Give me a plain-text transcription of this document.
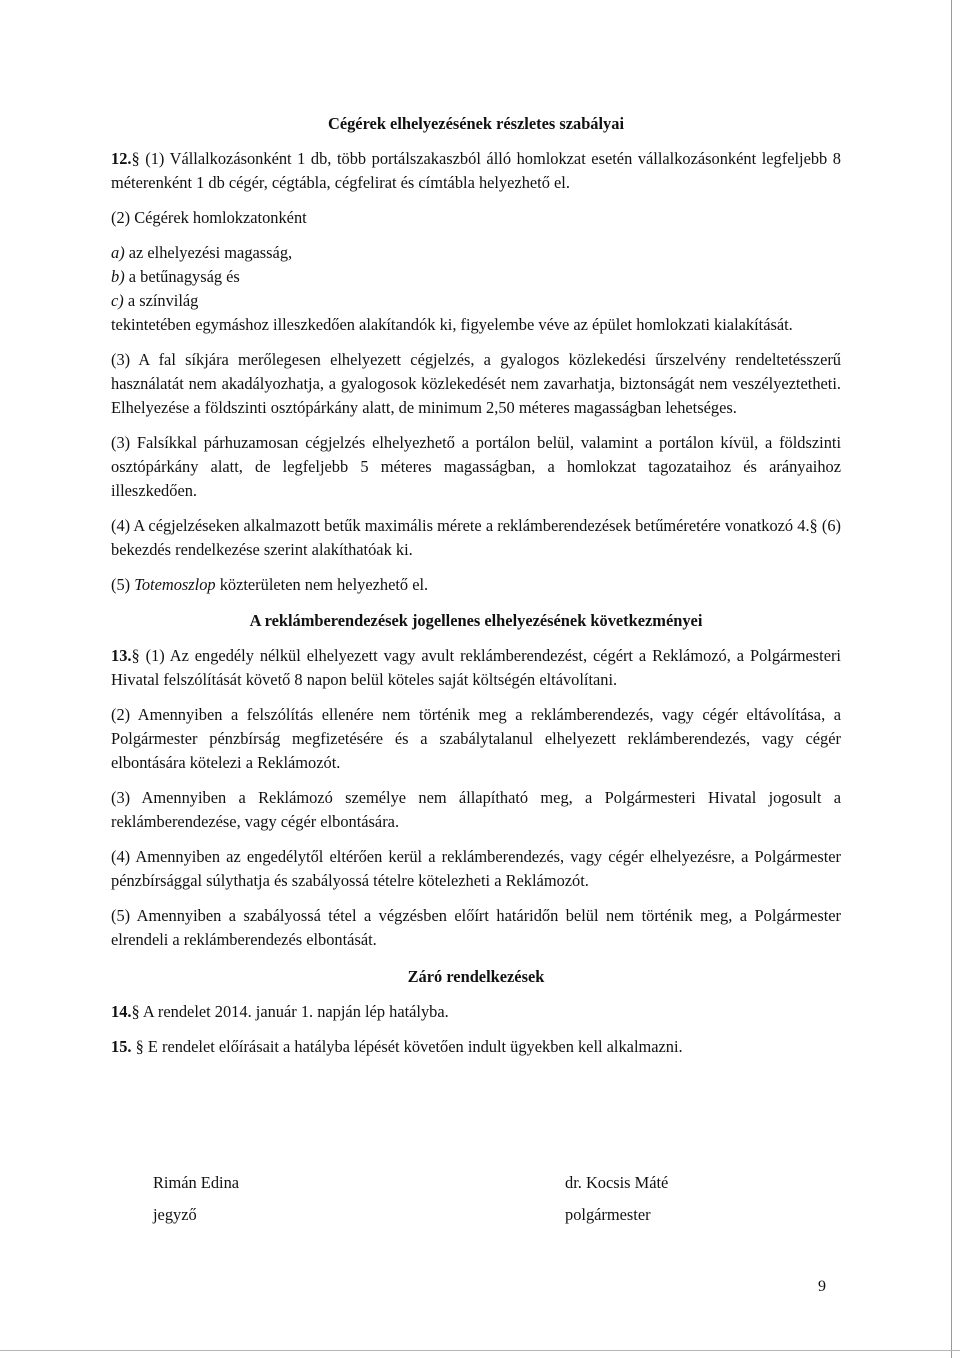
Cégérek elhelyezésének részletes szabályai

12.§ (1) Vállalkozásonként 1 db, több portálszakaszból álló homlokzat esetén vállalkozásonként legfeljebb 8 méterenként 1 db cégér, cégtábla, cégfelirat és címtábla helyezhető el.

(2) Cégérek homlokzatonként
a) az elhelyezési magasság,
b) a betűnagyság és
c) a színvilág

tekintetében egymáshoz illeszkedően alakítandók ki, figyelembe véve az épület homlokzati kialakítását.

(3) A fal síkjára merőlegesen elhelyezett cégjelzés, a gyalogos közlekedési űrszelvény rendeltetésszerű használatát nem akadályozhatja, a gyalogosok közlekedését nem zavarhatja, biztonságát nem veszélyeztetheti. Elhelyezése a földszinti osztópárkány alatt, de minimum 2,50 méteres magasságban lehetséges.

(3) Falsíkkal párhuzamosan cégjelzés elhelyezhető a portálon belül, valamint a portálon kívül, a földszinti osztópárkány alatt, de legfeljebb 5 méteres magasságban, a homlokzat tagozataihoz és arányaihoz illeszkedően.

(4) A cégjelzéseken alkalmazott betűk maximális mérete a reklámberendezések betűméretére vonatkozó 4.§ (6) bekezdés rendelkezése szerint alakíthatóak ki.

(5) Totemoszlop közterületen nem helyezhető el.

A reklámberendezések jogellenes elhelyezésének következményei

13.§ (1) Az engedély nélkül elhelyezett vagy avult reklámberendezést, cégért a Reklámozó, a Polgármesteri Hivatal felszólítását követő 8 napon belül köteles saját költségén eltávolítani.

(2) Amennyiben a felszólítás ellenére nem történik meg a reklámberendezés, vagy cégér eltávolítása, a Polgármester pénzbírság megfizetésére és a szabálytalanul elhelyezett reklámberendezés, vagy cégér elbontására kötelezi a Reklámozót.

(3) Amennyiben a Reklámozó személye nem állapítható meg, a Polgármesteri Hivatal jogosult a reklámberendezése, vagy cégér elbontására.

(4) Amennyiben az engedélytől eltérően kerül a reklámberendezés, vagy cégér elhelyezésre, a Polgármester pénzbírsággal súlythatja és szabályossá tételre kötelezheti a Reklámozót.

(5) Amennyiben a szabályossá tétel a végzésben előírt határidőn belül nem történik meg, a Polgármester elrendeli a reklámberendezés elbontását.

Záró rendelkezések

14.§ A rendelet 2014. január 1. napján lép hatályba.

15. § E rendelet előírásait a hatályba lépését követően indult ügyekben kell alkalmazni.

Rimán Edina
jegyző
dr. Kocsis Máté
polgármester
9
